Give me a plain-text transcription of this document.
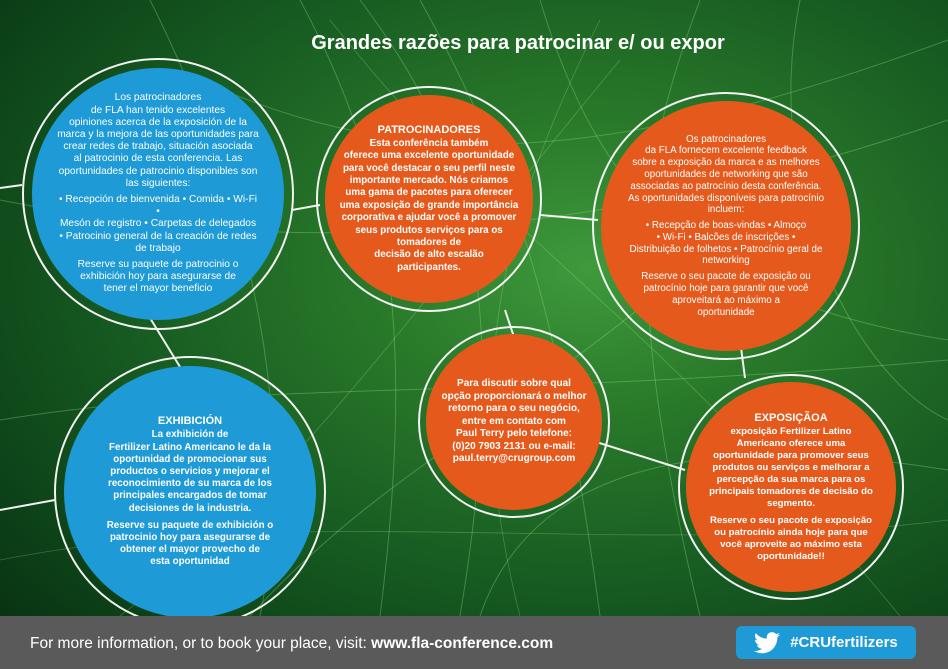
Grandes razões para patrocinar e/ ou expor

Los patrocinadores

de FLA han tenido excelentes

opiniones acerca de la exposición de la

marca y la mejora de las oportunidades para

crear redes de trabajo, situación asociada

al patrocinio de esta conferencia. Las

oportunidades de patrocinio disponibles son

las siguientes:

• Recepción de bienvenida • Comida • Wi-Fi •

Mesón de registro • Carpetas de delegados

• Patrocinio general de la creación de redes

de trabajo

Reserve su paquete de patrocinio o

exhibición hoy para asegurarse de

tener el mayor beneficio

PATROCINADORES

Esta conferência também

oferece uma excelente oportunidade

para você destacar o seu perfil neste

importante mercado. Nós criamos

uma gama de pacotes para oferecer

uma exposição de grande importância

corporativa e ajudar você a promover

seus produtos serviços para os

tomadores de

decisão de alto escalão

participantes.

Os patrocinadores

da FLA fornecem excelente feedback

sobre a exposição da marca e as melhores

oportunidades de networking que são

associadas ao patrocínio desta conferência.

As oportunidades disponíveis para patrocínio

incluem:

• Recepção de boas-vindas • Almoço

• Wi-Fi • Balcões de inscrições •

Distribuição de folhetos • Patrocínio geral de

networking

Reserve o seu pacote de exposição ou

patrocínio hoje para garantir que você

aproveitará ao máximo a

oportunidade

EXHIBICIÓN

La exhibición de

Fertilizer Latino Americano le da la

oportunidad de promocionar sus

productos o servicios y mejorar el

reconocimiento de su marca de los

principales encargados de tomar

decisiones de la industria.

Reserve su paquete de exhibición o

patrocinio hoy para asegurarse de

obtener el mayor provecho de

esta oportunidad

Para discutir sobre qual

opção proporcionará o melhor

retorno para o seu negócio,

entre em contato com

Paul Terry pelo telefone:

(0)20 7903 2131 ou e-mail:

paul.terry@crugroup.com

EXPOSIÇÃOA

exposição Fertilizer Latino

Americano oferece uma

oportunidade para promover seus

produtos ou serviços e melhorar a

percepção da sua marca para os

principais tomadores de decisão do

segmento.

Reserve o seu pacote de exposição

ou patrocínio ainda hoje para que

você aproveite ao máximo esta

oportunidade!!

For more information, or to book your place, visit: www.fla-conference.com	#CRUfertilizers
